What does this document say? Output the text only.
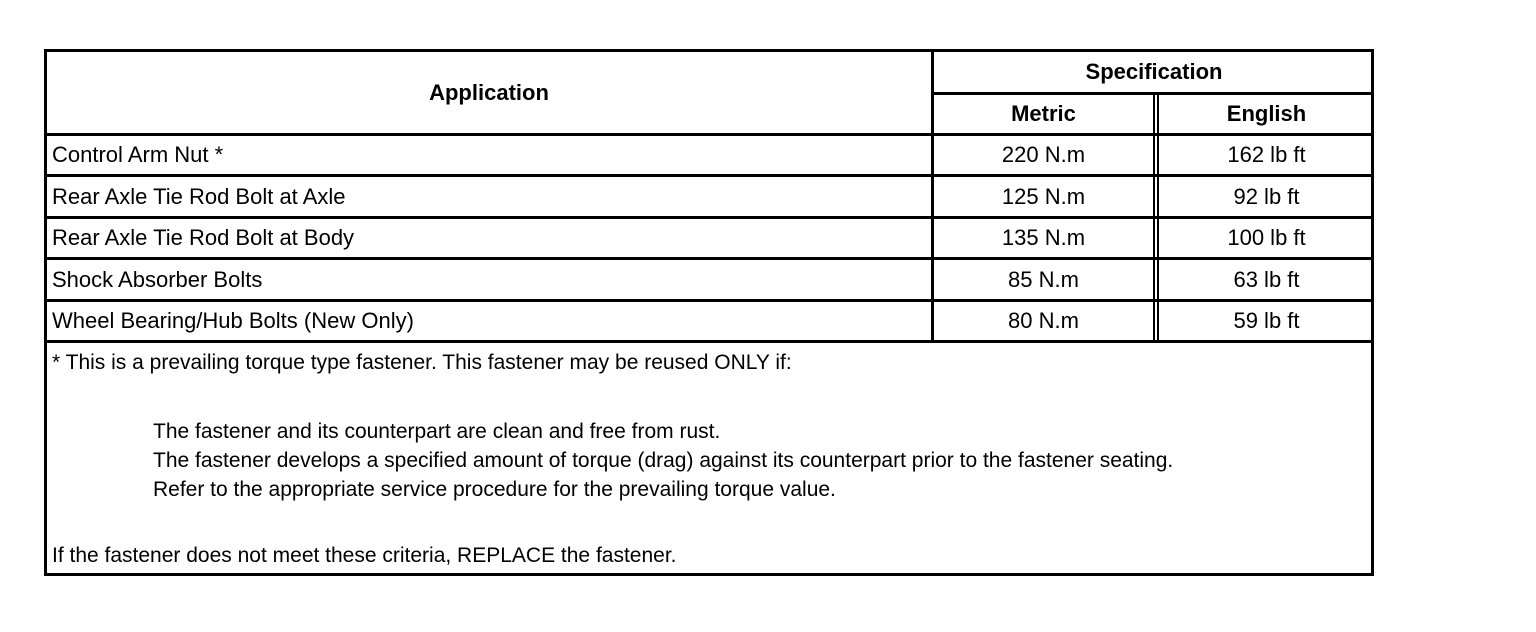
Application
Specification
Metric	English
Control Arm Nut *	220 N.m	162 lb ft
Rear Axle Tie Rod Bolt at Axle	125 N.m	92 lb ft
Rear Axle Tie Rod Bolt at Body	135 N.m	100 lb ft
Shock Absorber Bolts	85 N.m	63 lb ft
Wheel Bearing/Hub Bolts (New Only)	80 N.m	59 lb ft
* This is a prevailing torque type fastener. This fastener may be reused ONLY if:
The fastener and its counterpart are clean and free from rust.
The fastener develops a specified amount of torque (drag) against its counterpart prior to the fastener seating.
Refer to the appropriate service procedure for the prevailing torque value.
If the fastener does not meet these criteria, REPLACE the fastener.
